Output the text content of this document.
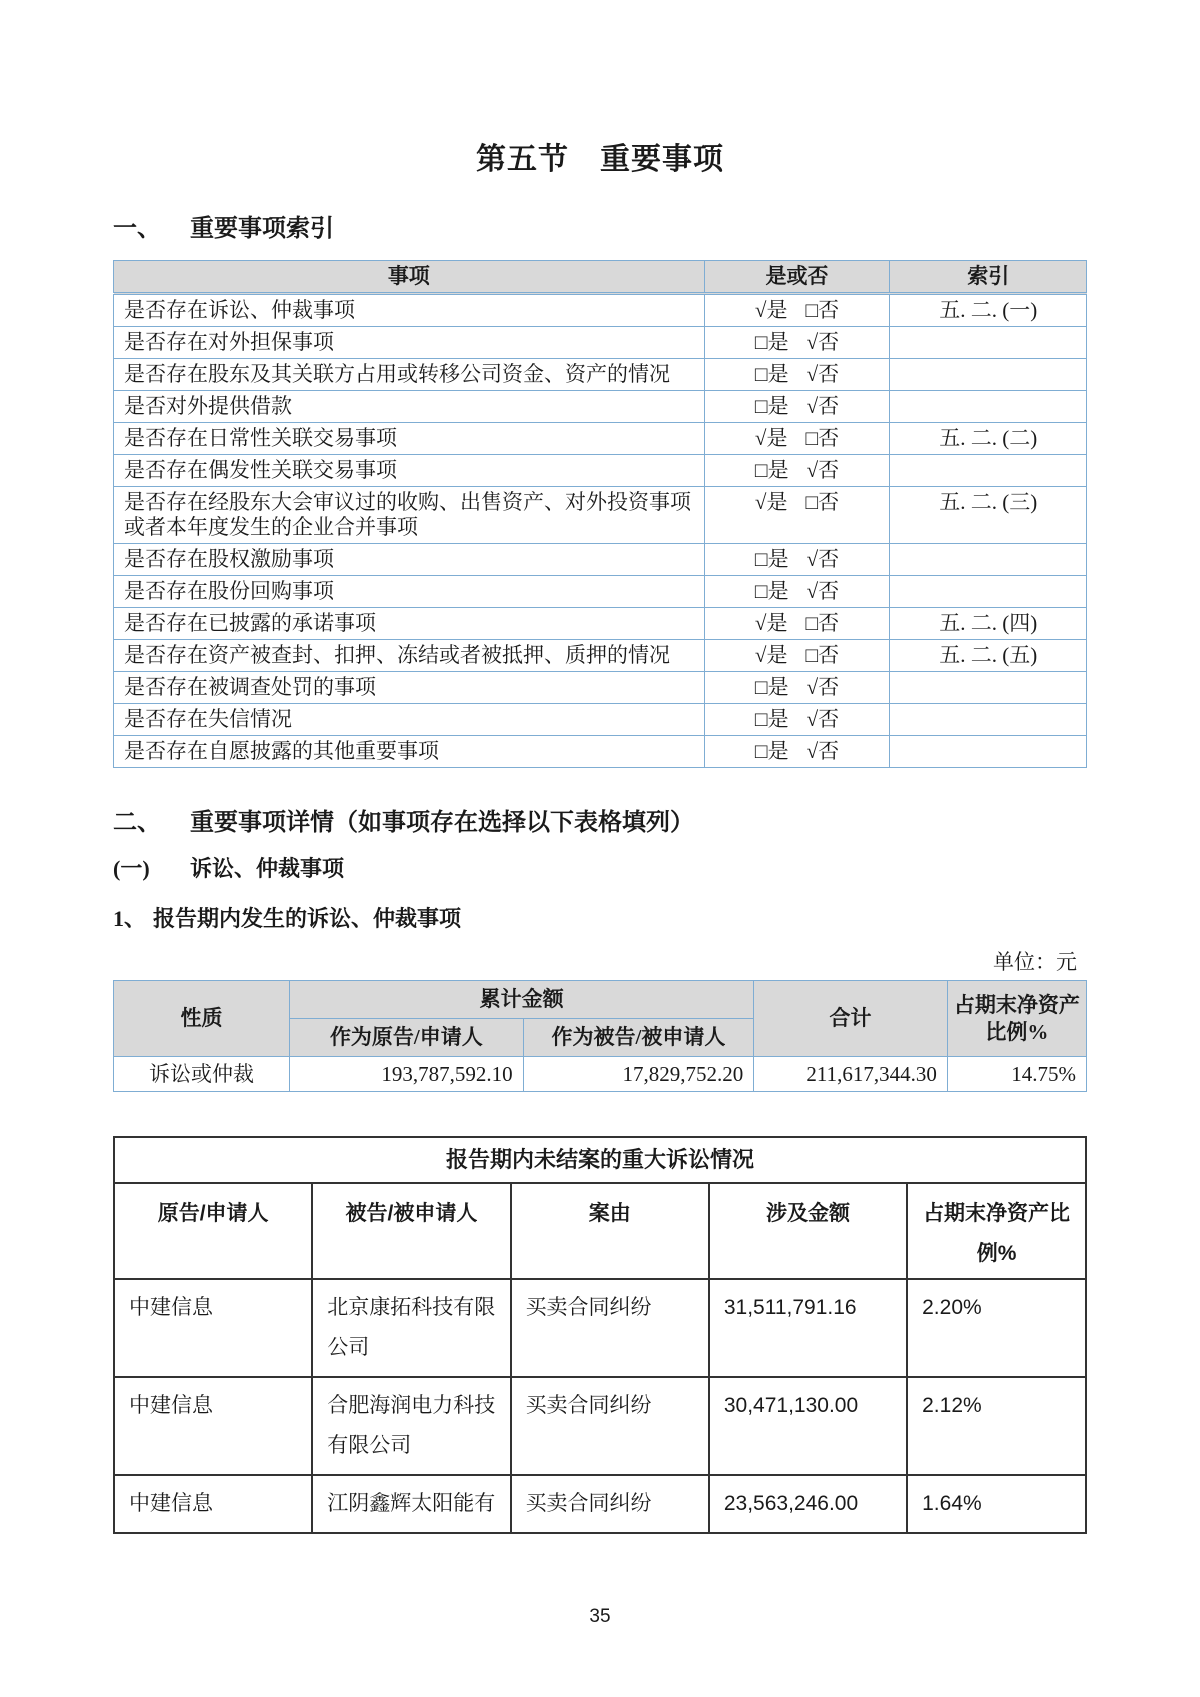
第五节　重要事项
一、 重要事项索引
事项	是或否	索引
是否存在诉讼、仲裁事项	√是 □否	五. 二. (一)
是否存在对外担保事项	□是 √否	
是否存在股东及其关联方占用或转移公司资金、资产的情况	□是 √否	
是否对外提供借款	□是 √否	
是否存在日常性关联交易事项	√是 □否	五. 二. (二)
是否存在偶发性关联交易事项	□是 √否	
是否存在经股东大会审议过的收购、出售资产、对外投资事项或者本年度发生的企业合并事项	√是 □否	五. 二. (三)
是否存在股权激励事项	□是 √否	
是否存在股份回购事项	□是 √否	
是否存在已披露的承诺事项	√是 □否	五. 二. (四)
是否存在资产被查封、扣押、冻结或者被抵押、质押的情况	√是 □否	五. 二. (五)
是否存在被调查处罚的事项	□是 √否	
是否存在失信情况	□是 √否	
是否存在自愿披露的其他重要事项	□是 √否	
二、 重要事项详情（如事项存在选择以下表格填列）
(一) 诉讼、仲裁事项
1、 报告期内发生的诉讼、仲裁事项
单位：元
性质	累计金额		合计	占期末净资产比例%
	作为原告/申请人	作为被告/被申请人		
诉讼或仲裁	193,787,592.10	17,829,752.20	211,617,344.30	14.75%
报告期内未结案的重大诉讼情况				
原告/申请人	被告/被申请人	案由	涉及金额	占期末净资产比例%
中建信息	北京康拓科技有限公司	买卖合同纠纷	31,511,791.16	2.20%
中建信息	合肥海润电力科技有限公司	买卖合同纠纷	30,471,130.00	2.12%
中建信息	江阴鑫辉太阳能有	买卖合同纠纷	23,563,246.00	1.64%
35
